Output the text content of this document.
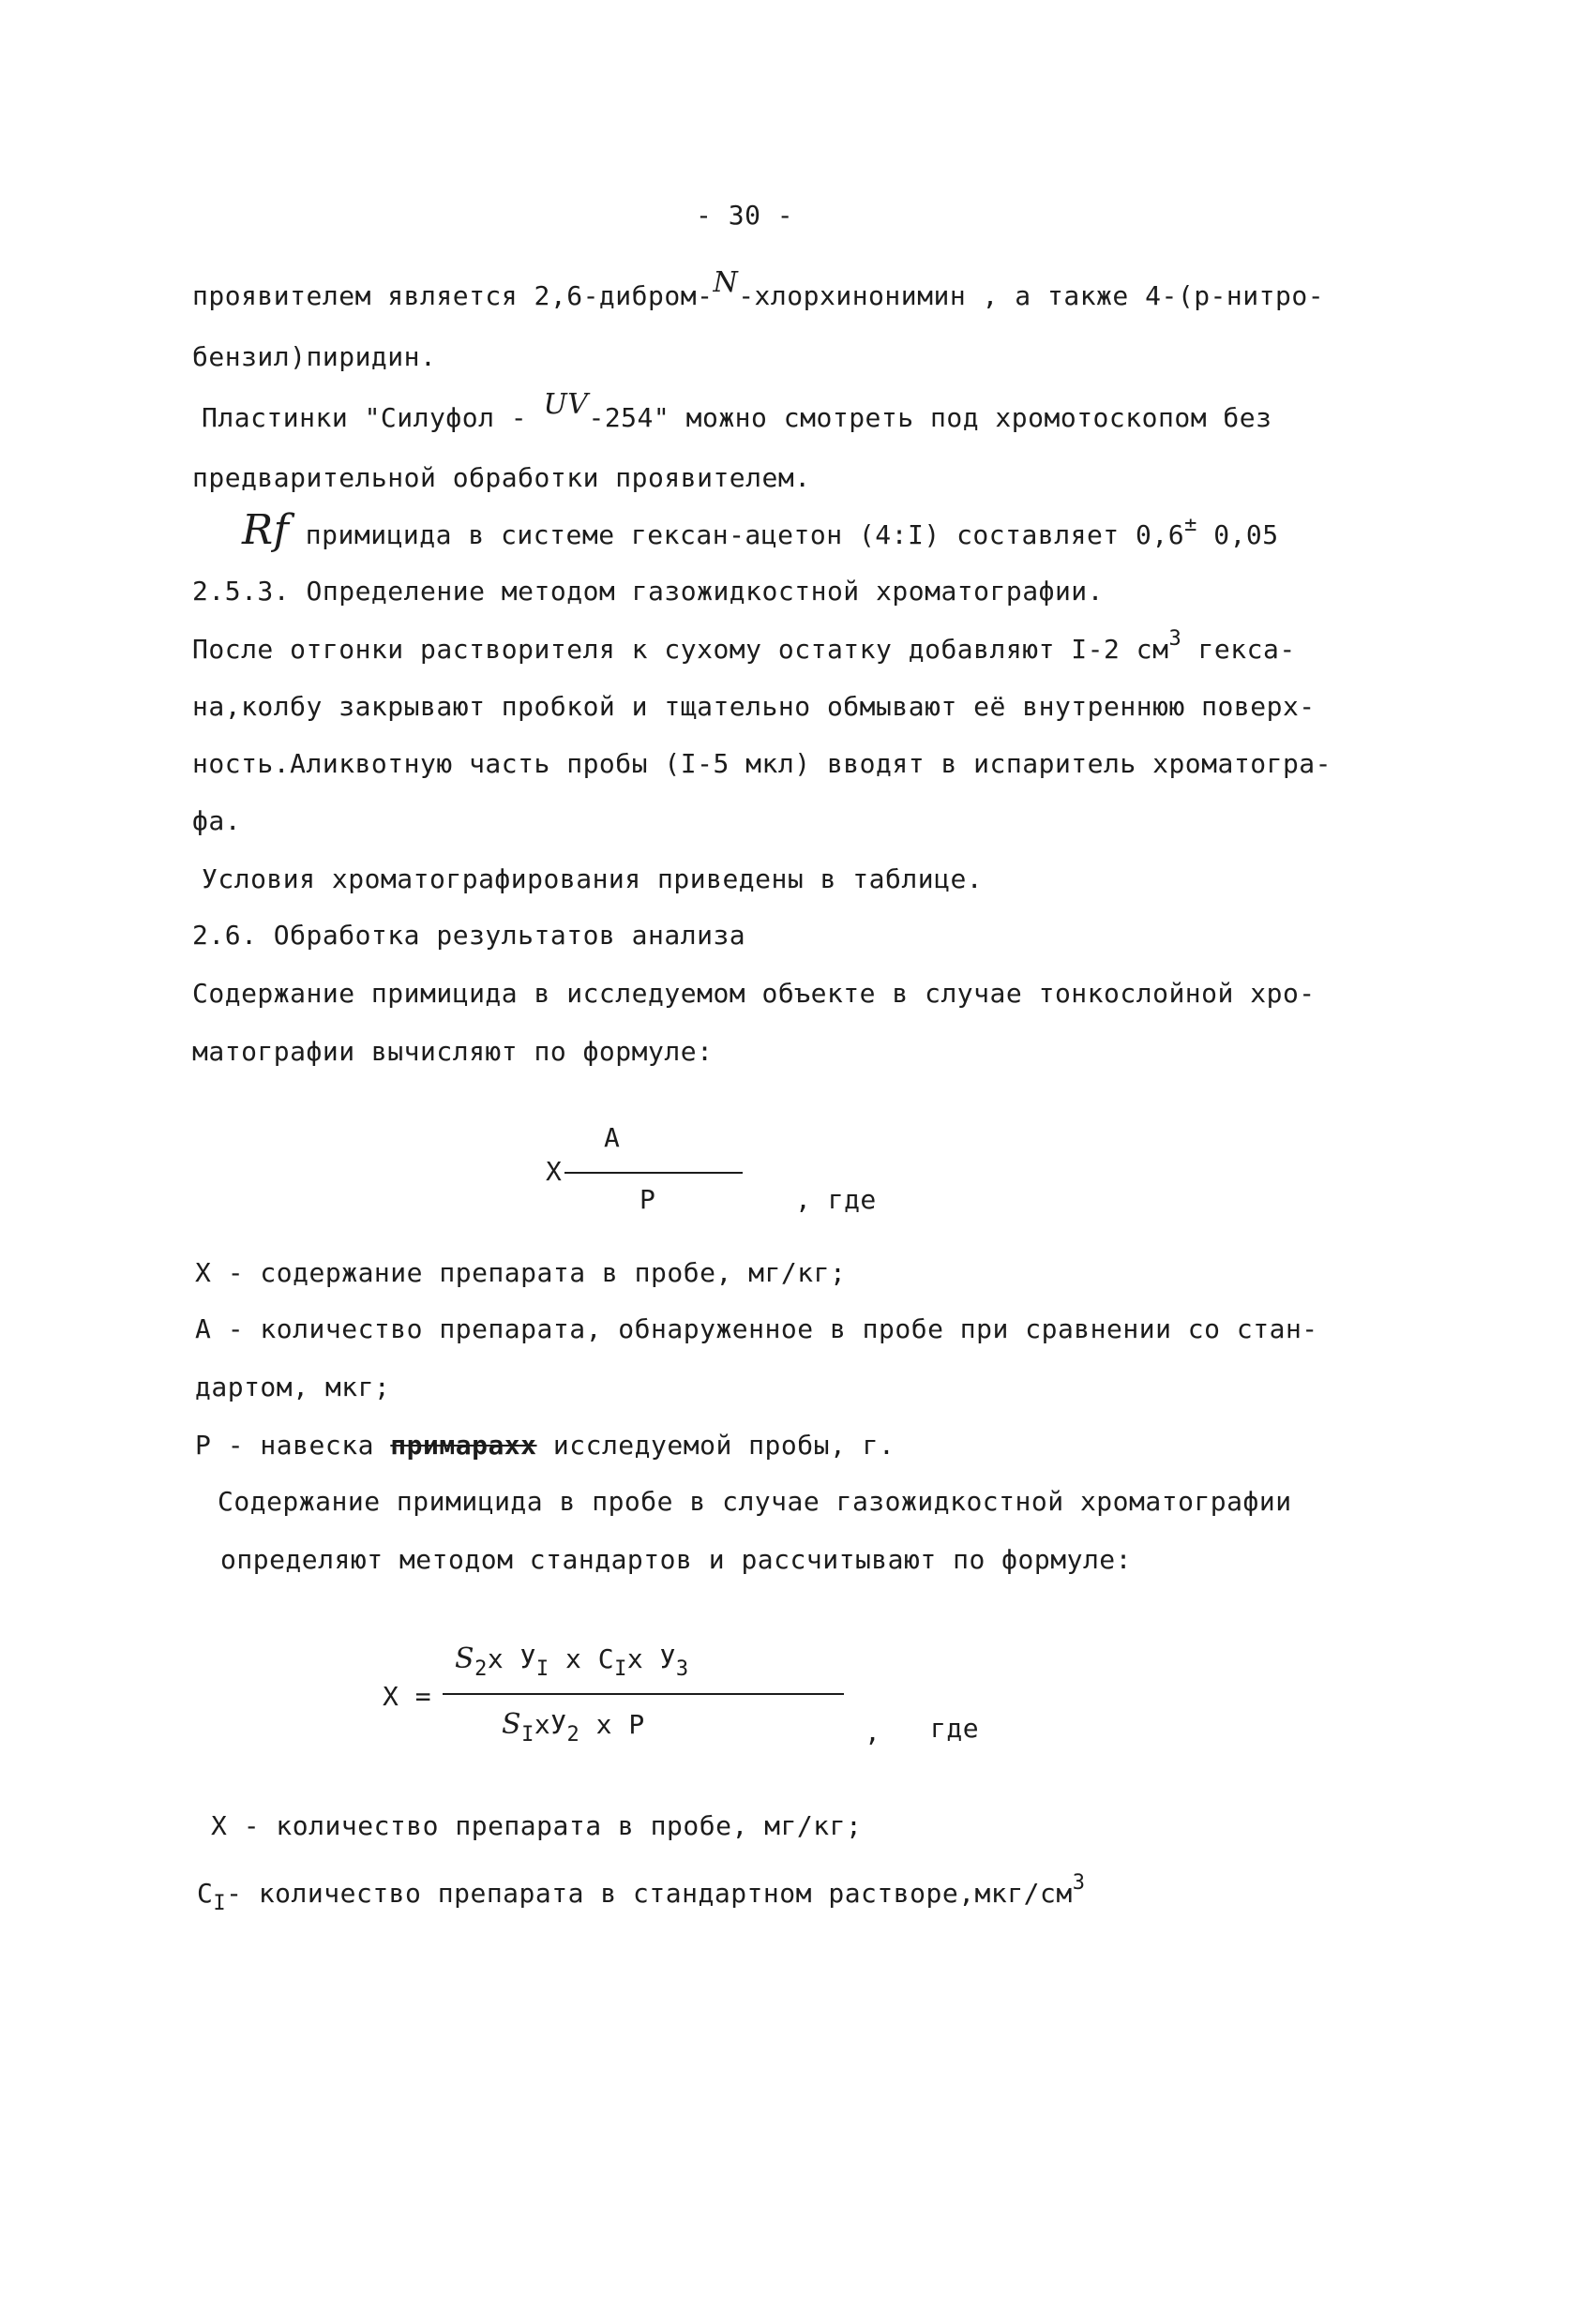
- 30 -
проявителем является 2,6-дибром-$^N$-хлорхинонимин , а также 4-(р-нитро-
бензил)пиридин.
Пластинки "Силуфол - $^{UV}$-254" можно смотреть под хромотоскопом без
предварительной обработки проявителем.
Rf примицида в системе гексан-ацетон (4:I) составляет 0,6± 0,05
2.5.3. Определение методом газожидкостной хроматографии.
После отгонки растворителя к сухому остатку добавляют I-2 $см^3$ гекса-
на,колбу закрывают пробкой и тщательно обмывают её внутреннюю поверх-
ность.Аликвотную часть пробы (I-5 мкл) вводят в испаритель хроматогра-
фа.
Условия хроматографирования приведены в таблице.
2.6. Обработка результатов анализа
Содержание примицида в исследуемом объекте в случае тонкослойной хро-
матографии вычисляют по формуле:
X
A
P	, где
X - содержание препарата в пробе, мг/кг;
A - количество препарата, обнаруженное в пробе при сравнении со стан-
дартом, мкг;
P - навеска примарахх исследуемой пробы, г.
Содержание примицида в пробе в случае газожидкостной хроматографии
определяют методом стандартов и рассчитывают по формуле:
X =
$S_2x$ $У_I$ x $C_Ix$ $У_3$
$S_IxУ_2$ x P	, где
X - количество препарата в пробе, мг/кг;
$C_I-$ количество препарата в стандартном $растворе,мкг/см^3$
